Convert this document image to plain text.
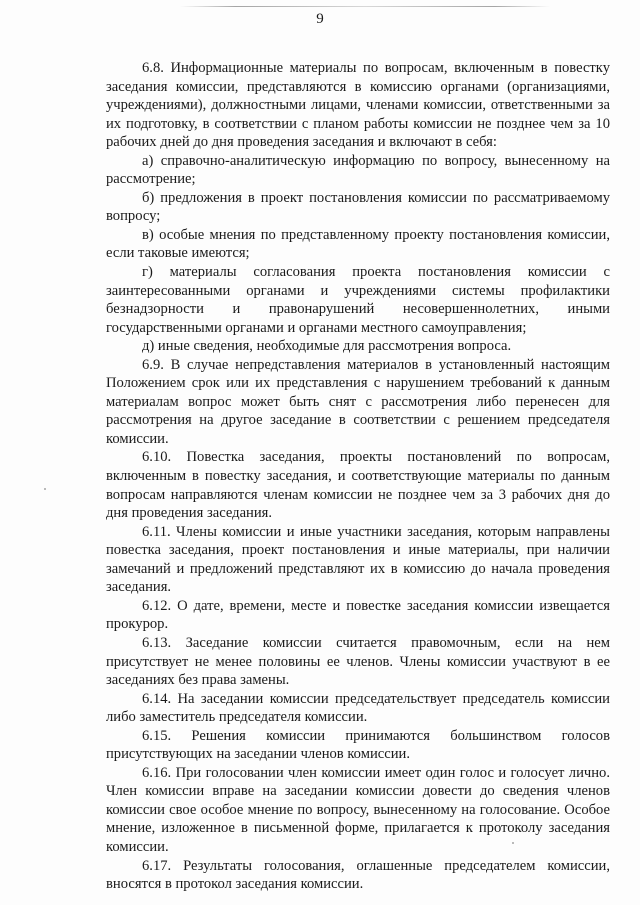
9

6.8. Информационные материалы по вопросам, включенным в повестку заседания комиссии, представляются в комиссию органами (организациями, учреждениями), должностными лицами, членами комиссии, ответственными за их подготовку, в соответствии с планом работы комиссии не позднее чем за 10 рабочих дней до дня проведения заседания и включают в себя:

а) справочно-аналитическую информацию по вопросу, вынесенному на рассмотрение;

б) предложения в проект постановления комиссии по рассматриваемому вопросу;

в) особые мнения по представленному проекту постановления комиссии, если таковые имеются;

г) материалы согласования проекта постановления комиссии с заинтересованными органами и учреждениями системы профилактики безнадзорности и правонарушений несовершеннолетних, иными государственными органами и органами местного самоуправления;

д) иные сведения, необходимые для рассмотрения вопроса.

6.9. В случае непредставления материалов в установленный настоящим Положением срок или их представления с нарушением требований к данным материалам вопрос может быть снят с рассмотрения либо перенесен для рассмотрения на другое заседание в соответствии с решением председателя комиссии.

6.10. Повестка заседания, проекты постановлений по вопросам, включенным в повестку заседания, и соответствующие материалы по данным вопросам направляются членам комиссии не позднее чем за 3 рабочих дня до дня проведения заседания.

6.11. Члены комиссии и иные участники заседания, которым направлены повестка заседания, проект постановления и иные материалы, при наличии замечаний и предложений представляют их в комиссию до начала проведения заседания.

6.12. О дате, времени, месте и повестке заседания комиссии извещается прокурор.

6.13. Заседание комиссии считается правомочным, если на нем присутствует не менее половины ее членов. Члены комиссии участвуют в ее заседаниях без права замены.

6.14. На заседании комиссии председательствует председатель комиссии либо заместитель председателя комиссии.

6.15. Решения комиссии принимаются большинством голосов присутствующих на заседании членов комиссии.

6.16. При голосовании член комиссии имеет один голос и голосует лично. Член комиссии вправе на заседании комиссии довести до сведения членов комиссии свое особое мнение по вопросу, вынесенному на голосование. Особое мнение, изложенное в письменной форме, прилагается к протоколу заседания комиссии.

6.17. Результаты голосования, оглашенные председателем комиссии, вносятся в протокол заседания комиссии.
